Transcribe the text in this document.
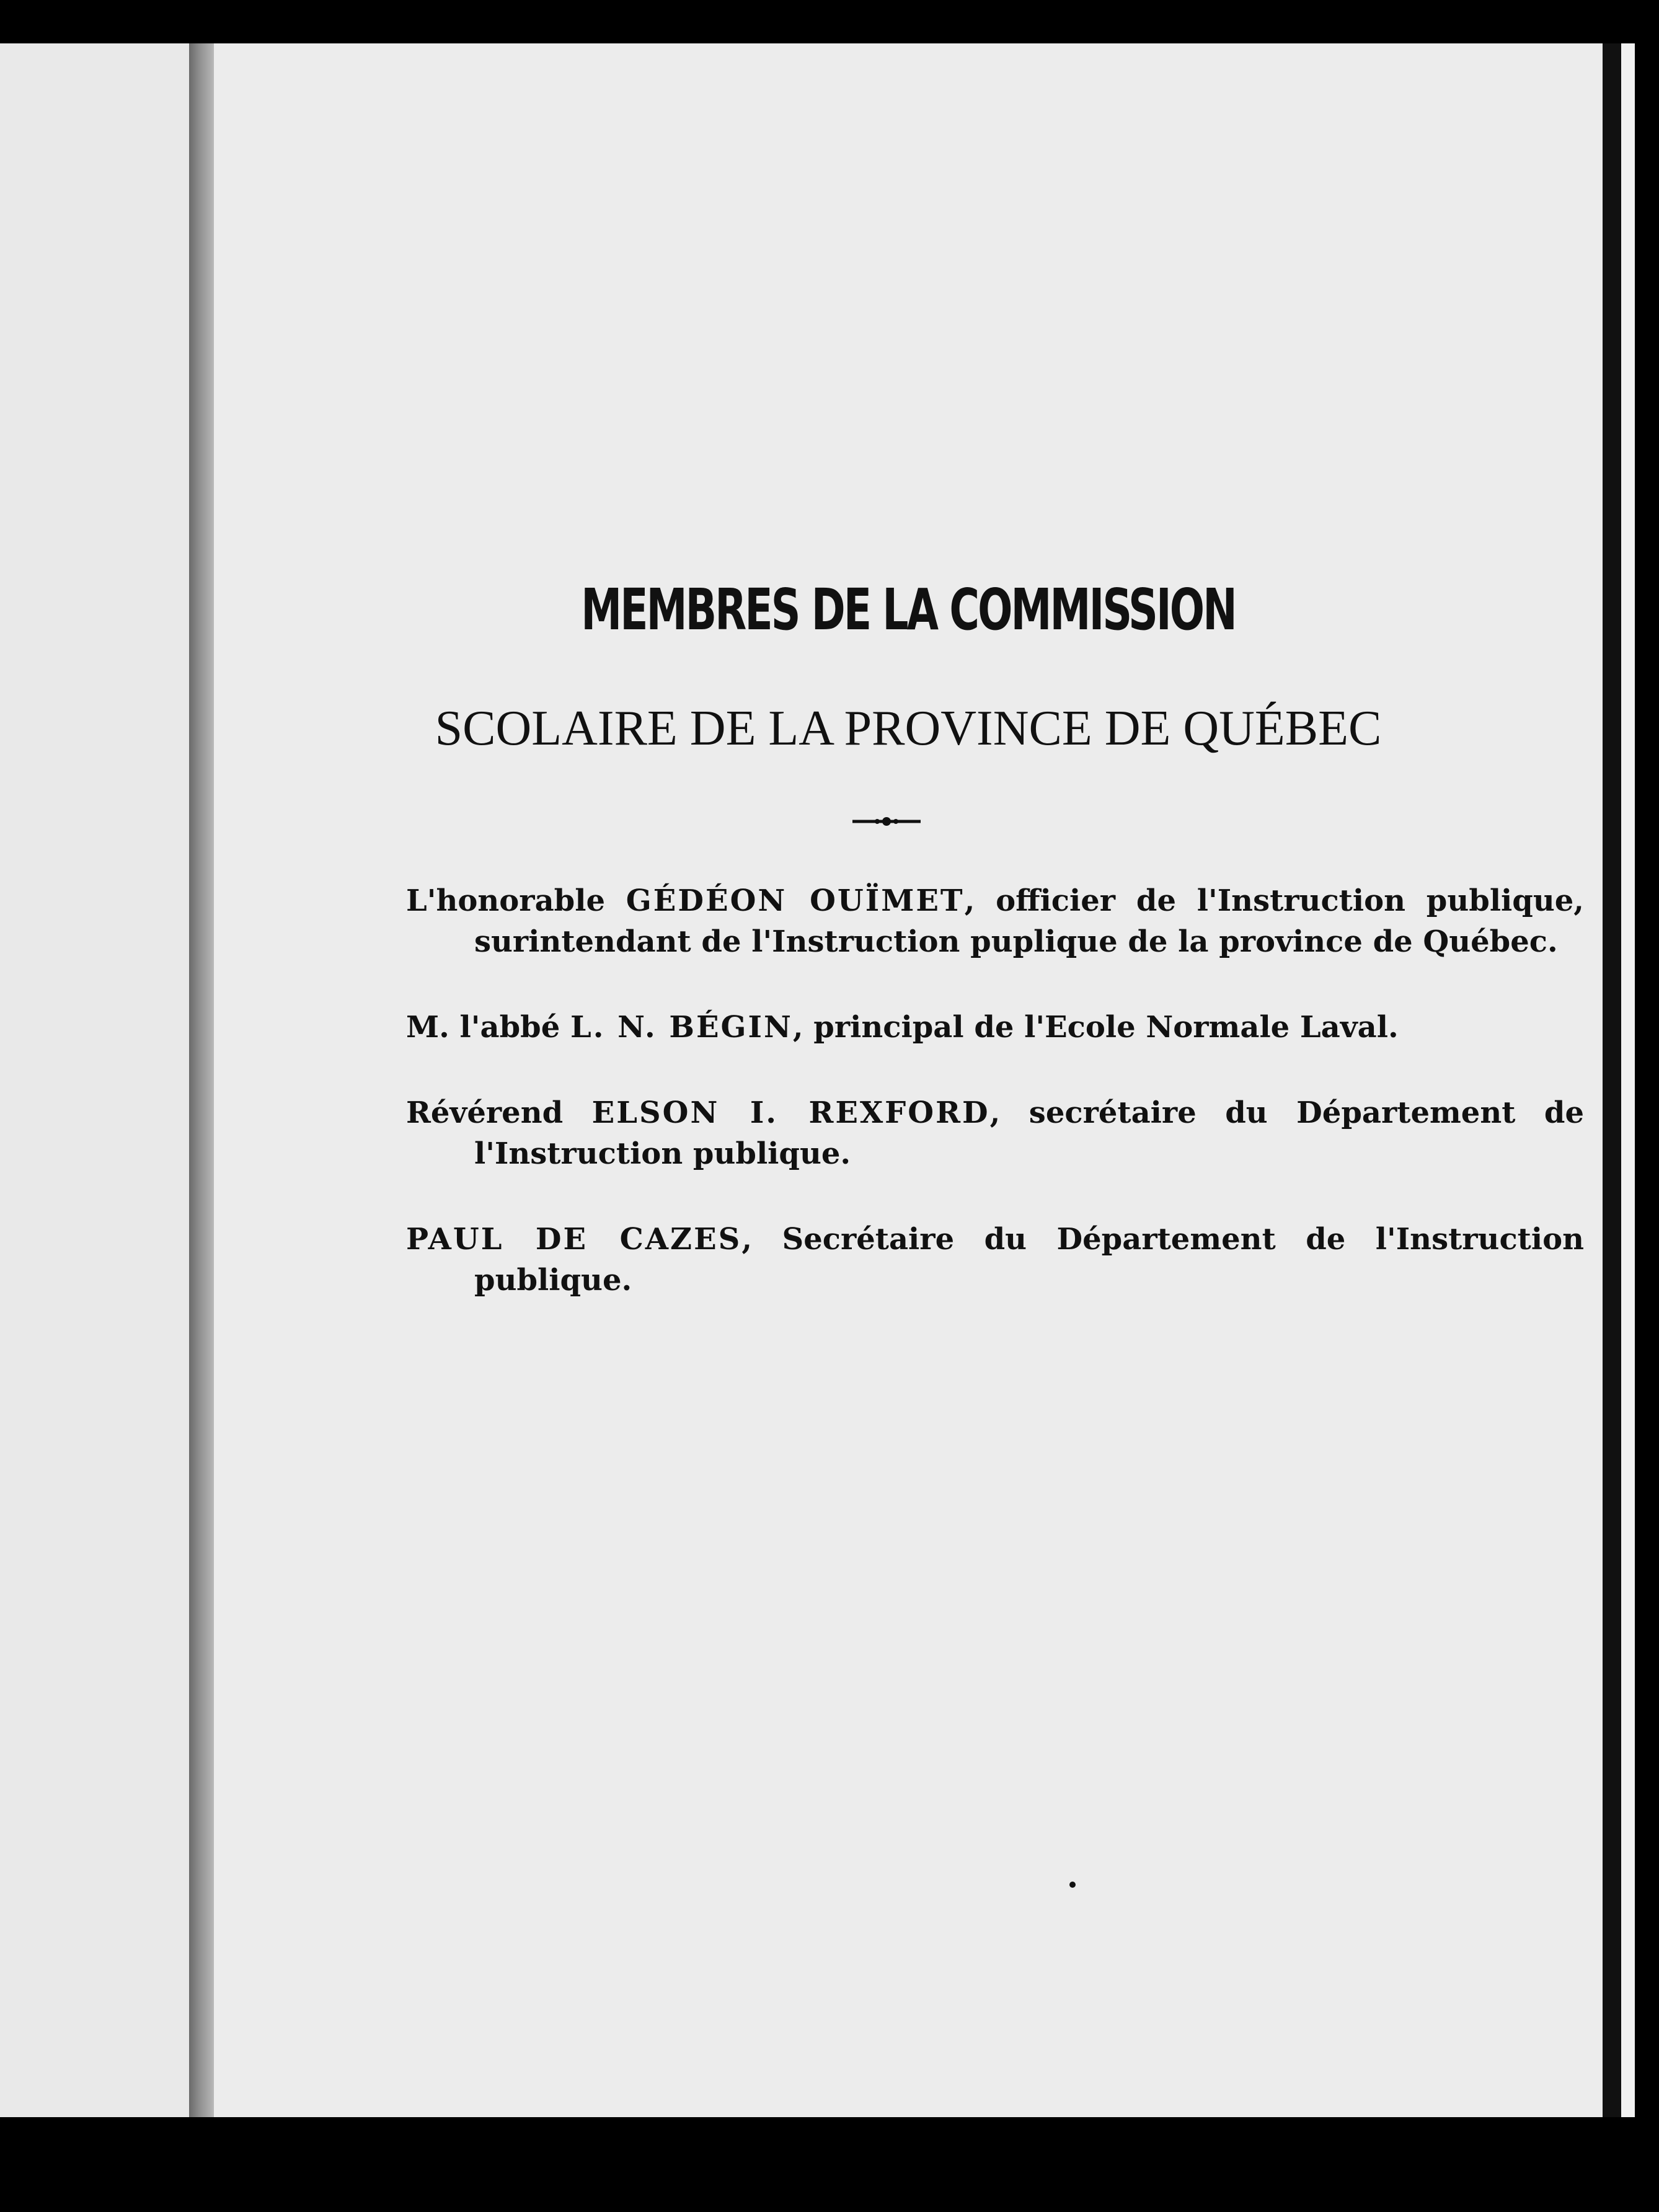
MEMBRES DE LA COMMISSION
SCOLAIRE DE LA PROVINCE DE QUÉBEC

L'honorable GÉDÉON OUÏMET, officier de l'Instruction publique, surintendant de l'Instruction puplique de la province de Québec.

M. l'abbé L. N. BÉGIN, principal de l'Ecole Normale Laval.

Révérend ELSON I. REXFORD, secrétaire du Département de l'Instruction publique.

PAUL DE CAZES, Secrétaire du Département de l'Instruction publique.
